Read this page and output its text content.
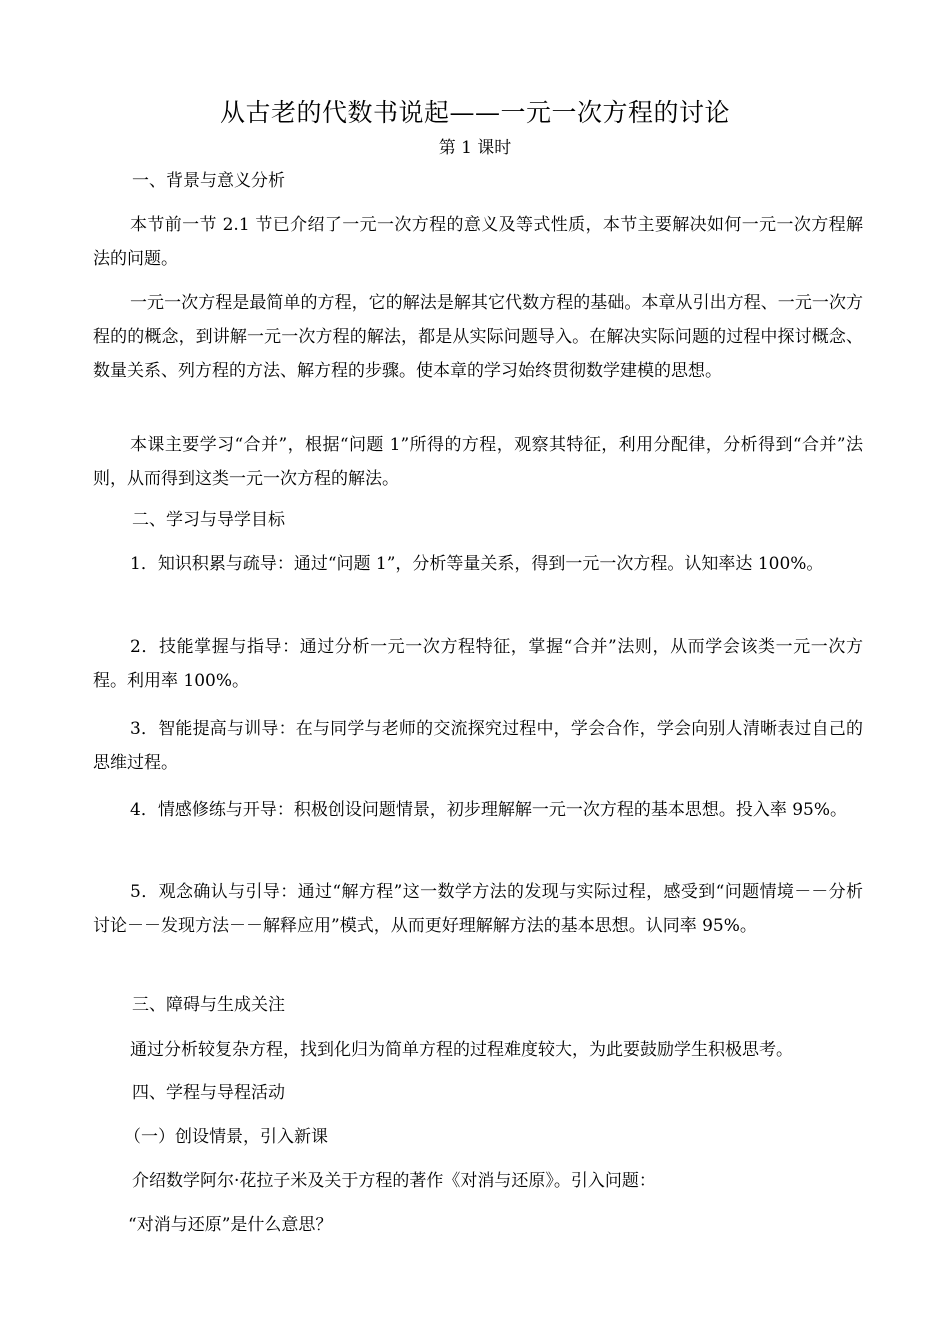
从古老的代数书说起——一元一次方程的讨论
第 1 课时
一、背景与意义分析

本节前一节 2.1 节已介绍了一元一次方程的意义及等式性质，本节主要解决如何一元一次方程解法的问题。

一元一次方程是最简单的方程，它的解法是解其它代数方程的基础。本章从引出方程、一元一次方程的的概念，到讲解一元一次方程的解法，都是从实际问题导入。在解决实际问题的过程中探讨概念、数量关系、列方程的方法、解方程的步骤。使本章的学习始终贯彻数学建模的思想。

本课主要学习“合并”，根据“问题 1”所得的方程，观察其特征，利用分配律，分析得到“合并”法则，从而得到这类一元一次方程的解法。

二、学习与导学目标

1．知识积累与疏导：通过“问题 1”，分析等量关系，得到一元一次方程。认知率达 100%。

2．技能掌握与指导：通过分析一元一次方程特征，掌握“合并”法则，从而学会该类一元一次方程。利用率 100%。

3．智能提高与训导：在与同学与老师的交流探究过程中，学会合作，学会向别人清晰表过自己的思维过程。

4．情感修练与开导：积极创设问题情景，初步理解解一元一次方程的基本思想。投入率 95%。

5．观念确认与引导：通过“解方程”这一数学方法的发现与实际过程，感受到“问题情境－－分析讨论－－发现方法－－解释应用”模式，从而更好理解解方法的基本思想。认同率 95%。

三、障碍与生成关注
通过分析较复杂方程，找到化归为简单方程的过程难度较大，为此要鼓励学生积极思考。
四、学程与导程活动
（一）创设情景，引入新课
介绍数学阿尔·花拉子米及关于方程的著作《对消与还原》。引入问题：
“对消与还原”是什么意思？
